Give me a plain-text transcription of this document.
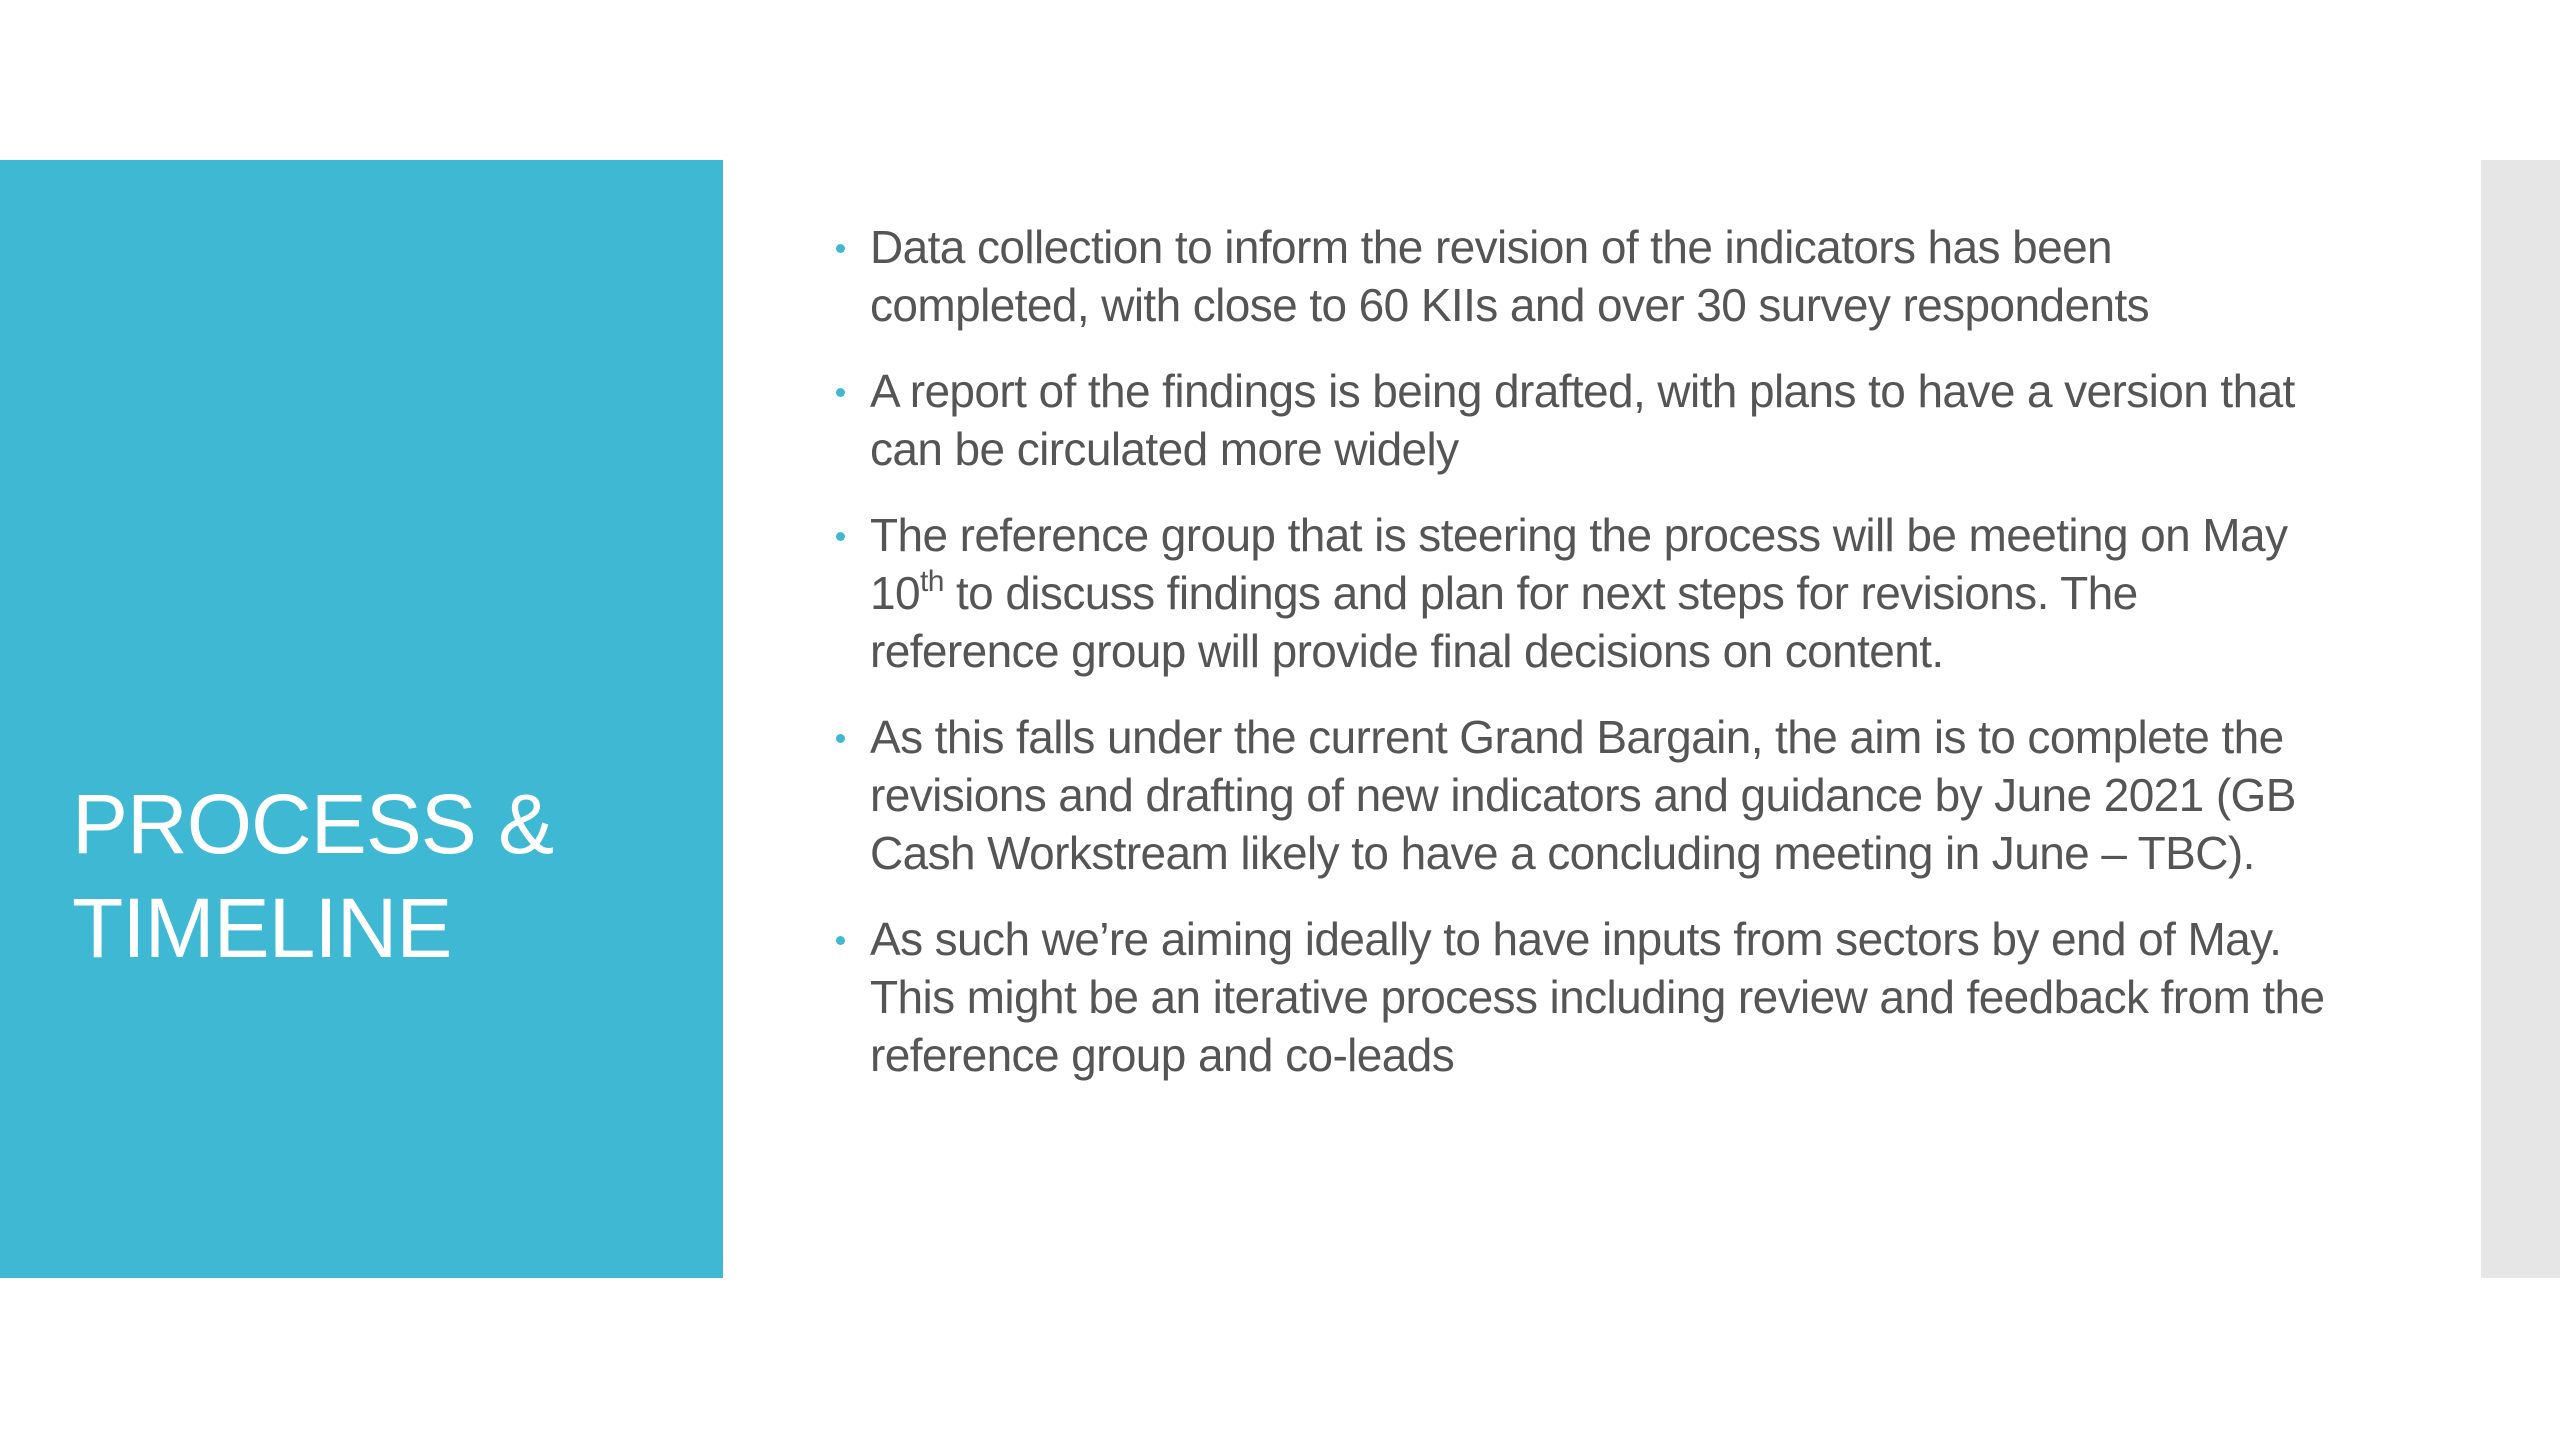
PROCESS &
TIMELINE
Data collection to inform the revision of the indicators has been completed, with close to 60 KIIs and over 30 survey respondents
A report of the findings is being drafted, with plans to have a version that can be circulated more widely
The reference group that is steering the process will be meeting on May 10th to discuss findings and plan for next steps for revisions. The reference group will provide final decisions on content.
As this falls under the current Grand Bargain, the aim is to complete the revisions and drafting of new indicators and guidance by June 2021 (GB Cash Workstream likely to have a concluding meeting in June – TBC).
As such we’re aiming ideally to have inputs from sectors by end of May. This might be an iterative process including review and feedback from the reference group and co-leads
